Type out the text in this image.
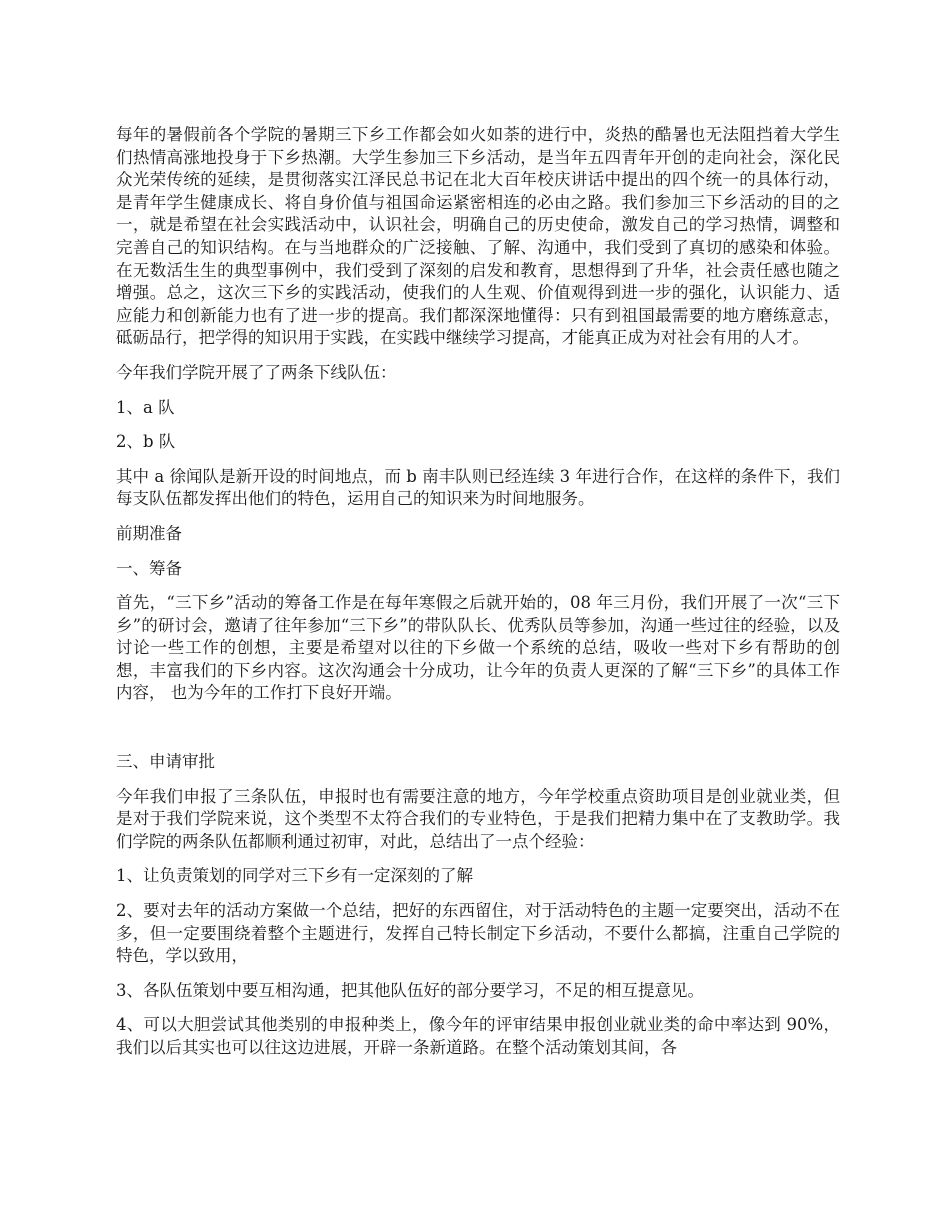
每年的暑假前各个学院的暑期三下乡工作都会如火如荼的进行中，炎热的酷暑也无法阻挡着大学生们热情高涨地投身于下乡热潮。大学生参加三下乡活动，是当年五四青年开创的走向社会，深化民众光荣传统的延续，是贯彻落实江泽民总书记在北大百年校庆讲话中提出的四个统一的具体行动，是青年学生健康成长、将自身价值与祖国命运紧密相连的必由之路。我们参加三下乡活动的目的之一，就是希望在社会实践活动中，认识社会，明确自己的历史使命，激发自己的学习热情，调整和完善自己的知识结构。在与当地群众的广泛接触、了解、沟通中，我们受到了真切的感染和体验。在无数活生生的典型事例中，我们受到了深刻的启发和教育，思想得到了升华，社会责任感也随之增强。总之，这次三下乡的实践活动，使我们的人生观、价值观得到进一步的强化，认识能力、适应能力和创新能力也有了进一步的提高。我们都深深地懂得：只有到祖国最需要的地方磨练意志，砥砺品行，把学得的知识用于实践，在实践中继续学习提高，才能真正成为对社会有用的人才。

今年我们学院开展了了两条下线队伍：

1、a 队

2、b 队

其中 a 徐闻队是新开设的时间地点，而 b 南丰队则已经连续 3 年进行合作，在这样的条件下，我们每支队伍都发挥出他们的特色，运用自己的知识来为时间地服务。

前期准备

一、筹备

首先，“三下乡”活动的筹备工作是在每年寒假之后就开始的，08 年三月份，我们开展了一次“三下乡”的研讨会，邀请了往年参加“三下乡”的带队队长、优秀队员等参加，沟通一些过往的经验，以及讨论一些工作的创想，主要是希望对以往的下乡做一个系统的总结，吸收一些对下乡有帮助的创想，丰富我们的下乡内容。这次沟通会十分成功，让今年的负责人更深的了解“三下乡”的具体工作内容， 也为今年的工作打下良好开端。

三、申请审批

今年我们申报了三条队伍，申报时也有需要注意的地方，今年学校重点资助项目是创业就业类，但是对于我们学院来说，这个类型不太符合我们的专业特色，于是我们把精力集中在了支教助学。我们学院的两条队伍都顺利通过初审，对此，总结出了一点个经验：

1、让负责策划的同学对三下乡有一定深刻的了解

2、要对去年的活动方案做一个总结，把好的东西留住，对于活动特色的主题一定要突出，活动不在多，但一定要围绕着整个主题进行，发挥自己特长制定下乡活动，不要什么都搞，注重自己学院的特色，学以致用，

3、各队伍策划中要互相沟通，把其他队伍好的部分要学习，不足的相互提意见。

4、可以大胆尝试其他类别的申报种类上，像今年的评审结果申报创业就业类的命中率达到 90%，我们以后其实也可以往这边进展，开辟一条新道路。在整个活动策划其间，各
